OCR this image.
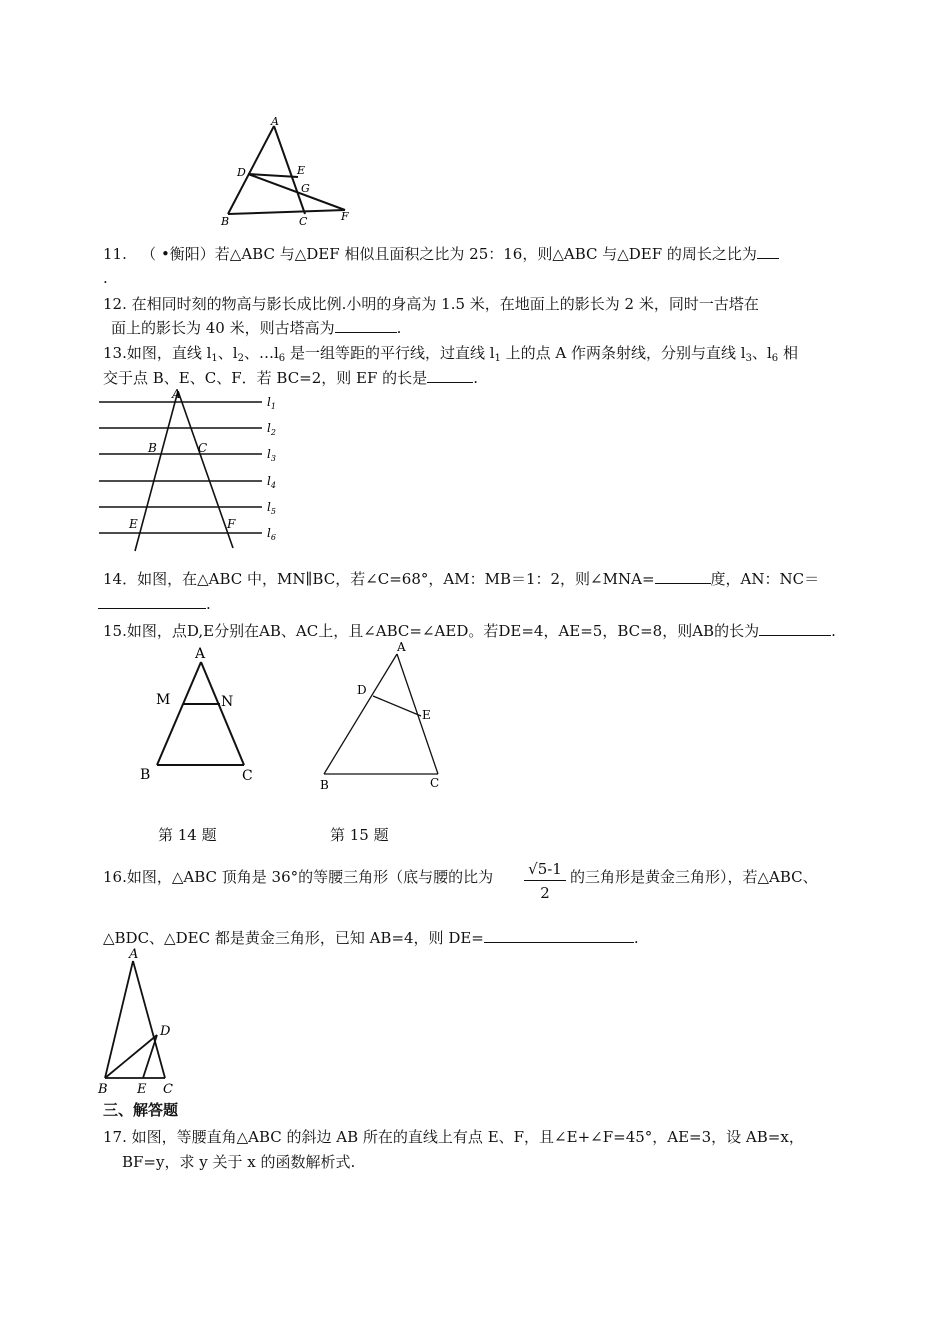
A
D	E
G
B	C	F
11. （ •衡阳）若△ABC 与△DEF 相似且面积之比为 25：16，则△ABC 与△DEF 的周长之比为
.
12. 在相同时刻的物高与影长成比例.小明的身高为 1.5 米，在地面上的影长为 2 米，同时一古塔在
面上的影长为 40 米，则古塔高为	.
13.如图，直线 $l_1$、$l_2$、$\dots l_6$ 是一组等距的平行线，过直线 $l_1$ 上的点 A 作两条射线，分别与直线 $l_3$、$l_6$ 相
交于点 B、E、C、F．若 BC=2，则 EF 的长是	.
A
B	C
E	F
$l_1$
$l_2$
$l_3$
$l_4$
$l_5$
$l_6$
14．如图，在△ABC 中，MN∥BC，若∠C=68°，AM：MB＝1：2，则∠MNA=	度，AN：NC＝
.
15.如图，点D,E分别在AB、AC上，且∠ABC=∠AED。若DE=4，AE=5，BC=8，则AB的长为	.
A
M	N
B	C
A
D
E
B	C
第 14 题	第 15 题
16.如图，△ABC 顶角是 36°的等腰三角形（底与腰的比为 $\frac{√5-1}{2}$ 的三角形是黄金三角形），若△ABC、
△BDC、△DEC 都是黄金三角形，已知 AB=4，则 DE=	.
A
D
B E C
三、解答题
17. 如图，等腰直角△ABC 的斜边 AB 所在的直线上有点 E、F，且∠E+∠F=45°，AE=3，设 AB=x，
BF=y，求 y 关于 x 的函数解析式.
